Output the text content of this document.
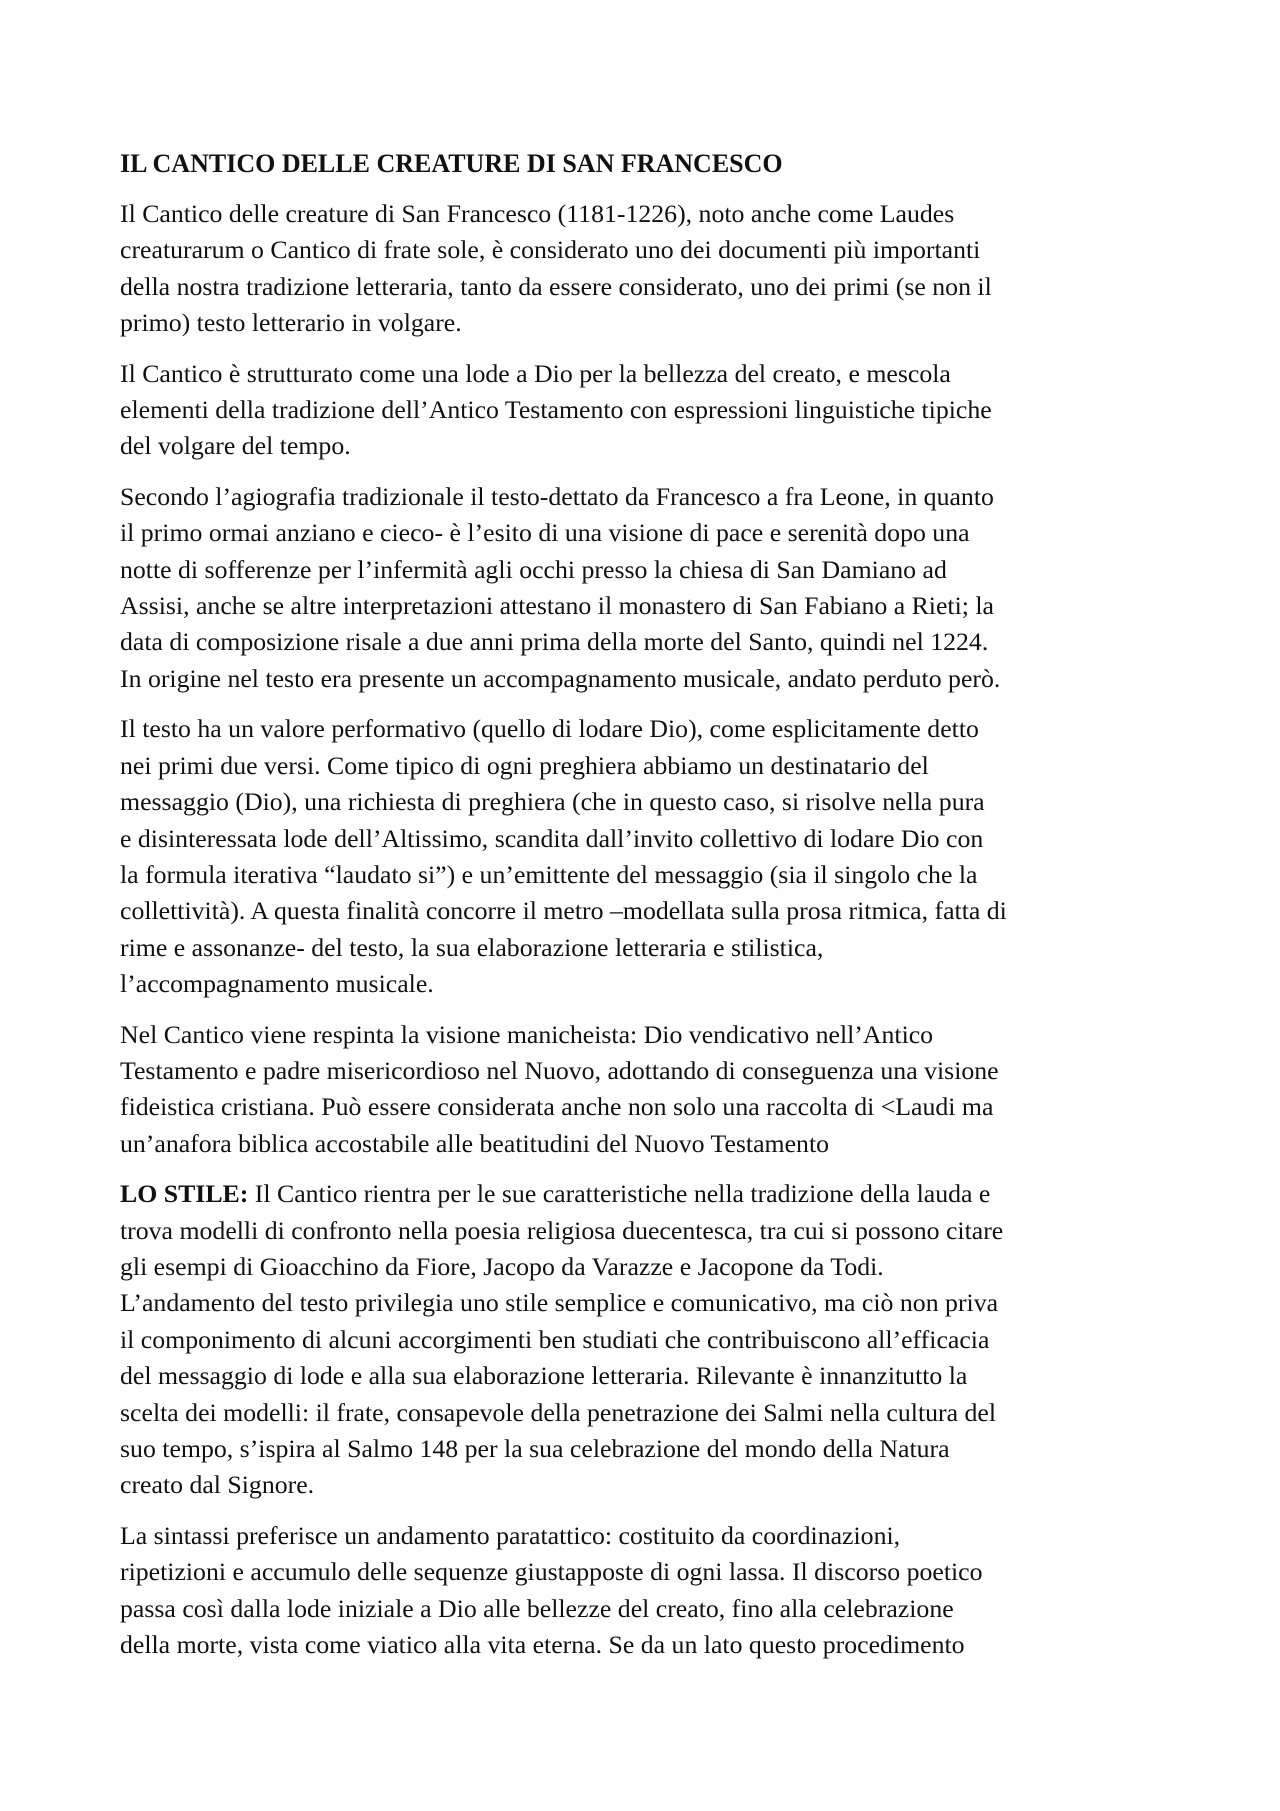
IL CANTICO DELLE CREATURE DI SAN FRANCESCO
Il Cantico delle creature di San Francesco (1181-1226), noto anche come Laudes
creaturarum o Cantico di frate sole, è considerato uno dei documenti più importanti
della nostra tradizione letteraria, tanto da essere considerato, uno dei primi (se non il
primo) testo letterario in volgare.
Il Cantico è strutturato come una lode a Dio per la bellezza del creato, e mescola
elementi della tradizione dell’Antico Testamento con espressioni linguistiche tipiche
del volgare del tempo.
Secondo l’agiografia tradizionale il testo-dettato da Francesco a fra Leone, in quanto
il primo ormai anziano e cieco- è l’esito di una visione di pace e serenità dopo una
notte di sofferenze per l’infermità agli occhi presso la chiesa di San Damiano ad
Assisi, anche se altre interpretazioni attestano il monastero di San Fabiano a Rieti; la
data di composizione risale a due anni prima della morte del Santo, quindi nel 1224.
In origine nel testo era presente un accompagnamento musicale, andato perduto però.
Il testo ha un valore performativo (quello di lodare Dio), come esplicitamente detto
nei primi due versi. Come tipico di ogni preghiera abbiamo un destinatario del
messaggio (Dio), una richiesta di preghiera (che in questo caso, si risolve nella pura
e disinteressata lode dell’Altissimo, scandita dall’invito collettivo di lodare Dio con
la formula iterativa “laudato si”) e un’emittente del messaggio (sia il singolo che la
collettività). A questa finalità concorre il metro –modellata sulla prosa ritmica, fatta di
rime e assonanze- del testo, la sua elaborazione letteraria e stilistica,
l’accompagnamento musicale.
Nel Cantico viene respinta la visione manicheista: Dio vendicativo nell’Antico
Testamento e padre misericordioso nel Nuovo, adottando di conseguenza una visione
fideistica cristiana. Può essere considerata anche non solo una raccolta di <Laudi ma
un’anafora biblica accostabile alle beatitudini del Nuovo Testamento
LO STILE: Il Cantico rientra per le sue caratteristiche nella tradizione della lauda e
trova modelli di confronto nella poesia religiosa duecentesca, tra cui si possono citare
gli esempi di Gioacchino da Fiore, Jacopo da Varazze e Jacopone da Todi.
L’andamento del testo privilegia uno stile semplice e comunicativo, ma ciò non priva
il componimento di alcuni accorgimenti ben studiati che contribuiscono all’efficacia
del messaggio di lode e alla sua elaborazione letteraria. Rilevante è innanzitutto la
scelta dei modelli: il frate, consapevole della penetrazione dei Salmi nella cultura del
suo tempo, s’ispira al Salmo 148 per la sua celebrazione del mondo della Natura
creato dal Signore.
La sintassi preferisce un andamento paratattico: costituito da coordinazioni,
ripetizioni e accumulo delle sequenze giustapposte di ogni lassa. Il discorso poetico
passa così dalla lode iniziale a Dio alle bellezze del creato, fino alla celebrazione
della morte, vista come viatico alla vita eterna. Se da un lato questo procedimento
